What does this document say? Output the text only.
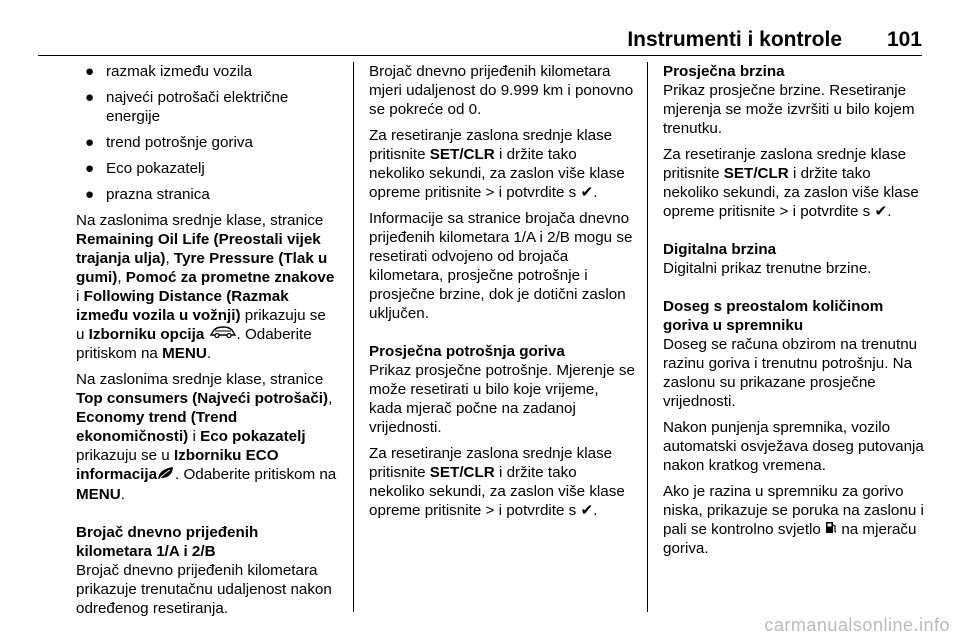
Instrumenti i kontrole 101
● razmak između vozila
● najveći potrošači električne energije
● trend potrošnje goriva
● Eco pokazatelj
● prazna stranica

Na zaslonima srednje klase, stranice Remaining Oil Life (Preostali vijek trajanja ulja), Tyre Pressure (Tlak u gumi), Pomoć za prometne znakove i Following Distance (Razmak između vozila u vožnji) prikazuju se u Izborniku opcija . Odaberite pritiskom na MENU.

Na zaslonima srednje klase, stranice Top consumers (Najveći potrošači), Economy trend (Trend ekonomičnosti) i Eco pokazatelj prikazuju se u Izborniku ECO informacija . Odaberite pritiskom na MENU.

Brojač dnevno prijeđenih kilometara 1/A i 2/B

Brojač dnevno prijeđenih kilometara prikazuje trenutačnu udaljenost nakon određenog resetiranja.

Brojač dnevno prijeđenih kilometara mjeri udaljenost do 9.999 km i ponovno se pokreće od 0.

Za resetiranje zaslona srednje klase pritisnite SET/CLR i držite tako nekoliko sekundi, za zaslon više klase opreme pritisnite > i potvrdite s ✔.

Informacije sa stranice brojača dnevno prijeđenih kilometara 1/A i 2/B mogu se resetirati odvojeno od brojača kilometara, prosječne potrošnje i prosječne brzine, dok je dotični zaslon uključen.

Prosječna potrošnja goriva

Prikaz prosječne potrošnje. Mjerenje se može resetirati u bilo koje vrijeme, kada mjerač počne na zadanoj vrijednosti.

Za resetiranje zaslona srednje klase pritisnite SET/CLR i držite tako nekoliko sekundi, za zaslon više klase opreme pritisnite > i potvrdite s ✔.

Prosječna brzina

Prikaz prosječne brzine. Resetiranje mjerenja se može izvršiti u bilo kojem trenutku.

Za resetiranje zaslona srednje klase pritisnite SET/CLR i držite tako nekoliko sekundi, za zaslon više klase opreme pritisnite > i potvrdite s ✔.

Digitalna brzina

Digitalni prikaz trenutne brzine.

Doseg s preostalom količinom goriva u spremniku

Doseg se računa obzirom na trenutnu razinu goriva i trenutnu potrošnju. Na zaslonu su prikazane prosječne vrijednosti.

Nakon punjenja spremnika, vozilo automatski osvježava doseg putovanja nakon kratkog vremena.

Ako je razina u spremniku za gorivo niska, prikazuje se poruka na zaslonu i pali se kontrolno svjetlo  na mjeraču goriva.

carmanualsonline.info
